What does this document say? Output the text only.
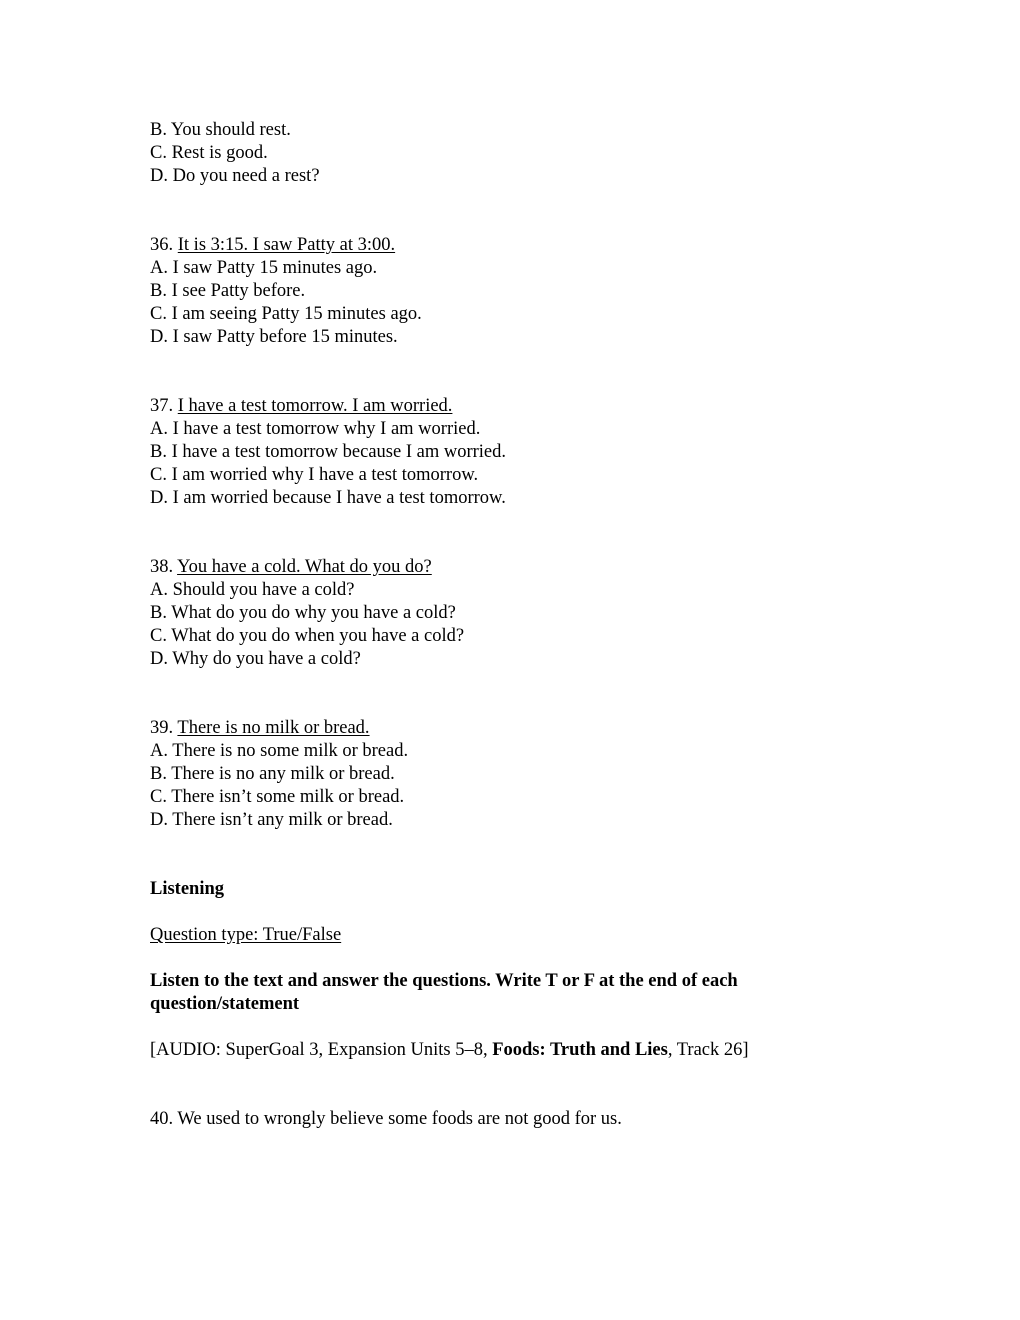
B. You should rest.
C. Rest is good.
D. Do you need a rest?
36. It is 3:15. I saw Patty at 3:00.
A. I saw Patty 15 minutes ago.
B. I see Patty before.
C. I am seeing Patty 15 minutes ago.
D. I saw Patty before 15 minutes.
37. I have a test tomorrow. I am worried.
A. I have a test tomorrow why I am worried.
B. I have a test tomorrow because I am worried.
C. I am worried why I have a test tomorrow.
D. I am worried because I have a test tomorrow.
38. You have a cold. What do you do?
A. Should you have a cold?
B. What do you do why you have a cold?
C. What do you do when you have a cold?
D. Why do you have a cold?
39. There is no milk or bread.
A. There is no some milk or bread.
B. There is no any milk or bread.
C. There isn’t some milk or bread.
D. There isn’t any milk or bread.
Listening
Question type: True/False
Listen to the text and answer the questions. Write T or F at the end of each
question/statement
[AUDIO: SuperGoal 3, Expansion Units 5–8, Foods: Truth and Lies, Track 26]
40. We used to wrongly believe some foods are not good for us.
